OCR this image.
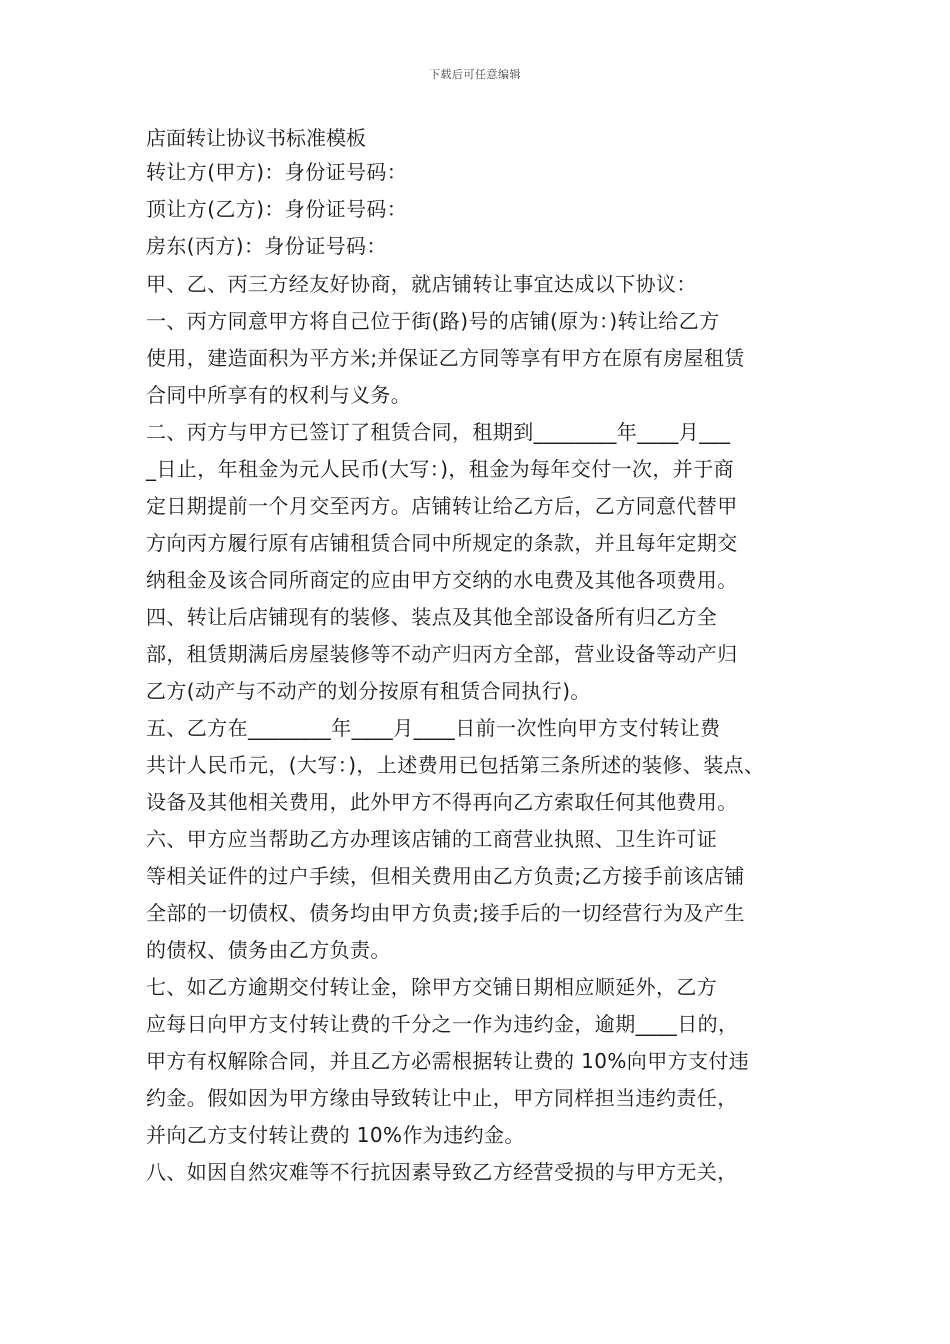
下载后可任意编辑
店面转让协议书标准模板
转让方(甲方)：身份证号码：
顶让方(乙方)：身份证号码：
房东(丙方)：身份证号码：
甲、乙、丙三方经友好协商，就店铺转让事宜达成以下协议：
一、丙方同意甲方将自己位于街(路)号的店铺(原为：)转让给乙方
使用，建造面积为平方米;并保证乙方同等享有甲方在原有房屋租赁
合同中所享有的权利与义务。
二、丙方与甲方已签订了租赁合同，租期到________年____月___
_日止，年租金为元人民币(大写：)，租金为每年交付一次，并于商
定日期提前一个月交至丙方。店铺转让给乙方后，乙方同意代替甲
方向丙方履行原有店铺租赁合同中所规定的条款，并且每年定期交
纳租金及该合同所商定的应由甲方交纳的水电费及其他各项费用。
四、转让后店铺现有的装修、装点及其他全部设备所有归乙方全
部，租赁期满后房屋装修等不动产归丙方全部，营业设备等动产归
乙方(动产与不动产的划分按原有租赁合同执行)。
五、乙方在________年____月____日前一次性向甲方支付转让费
共计人民币元，(大写：)，上述费用已包括第三条所述的装修、装点、
设备及其他相关费用，此外甲方不得再向乙方索取任何其他费用。
六、甲方应当帮助乙方办理该店铺的工商营业执照、卫生许可证
等相关证件的过户手续，但相关费用由乙方负责;乙方接手前该店铺
全部的一切债权、债务均由甲方负责;接手后的一切经营行为及产生
的债权、债务由乙方负责。
七、如乙方逾期交付转让金，除甲方交铺日期相应顺延外，乙方
应每日向甲方支付转让费的千分之一作为违约金，逾期____日的，
甲方有权解除合同，并且乙方必需根据转让费的 10%向甲方支付违
约金。假如因为甲方缘由导致转让中止，甲方同样担当违约责任，
并向乙方支付转让费的 10%作为违约金。
八、如因自然灾难等不行抗因素导致乙方经营受损的与甲方无关，
